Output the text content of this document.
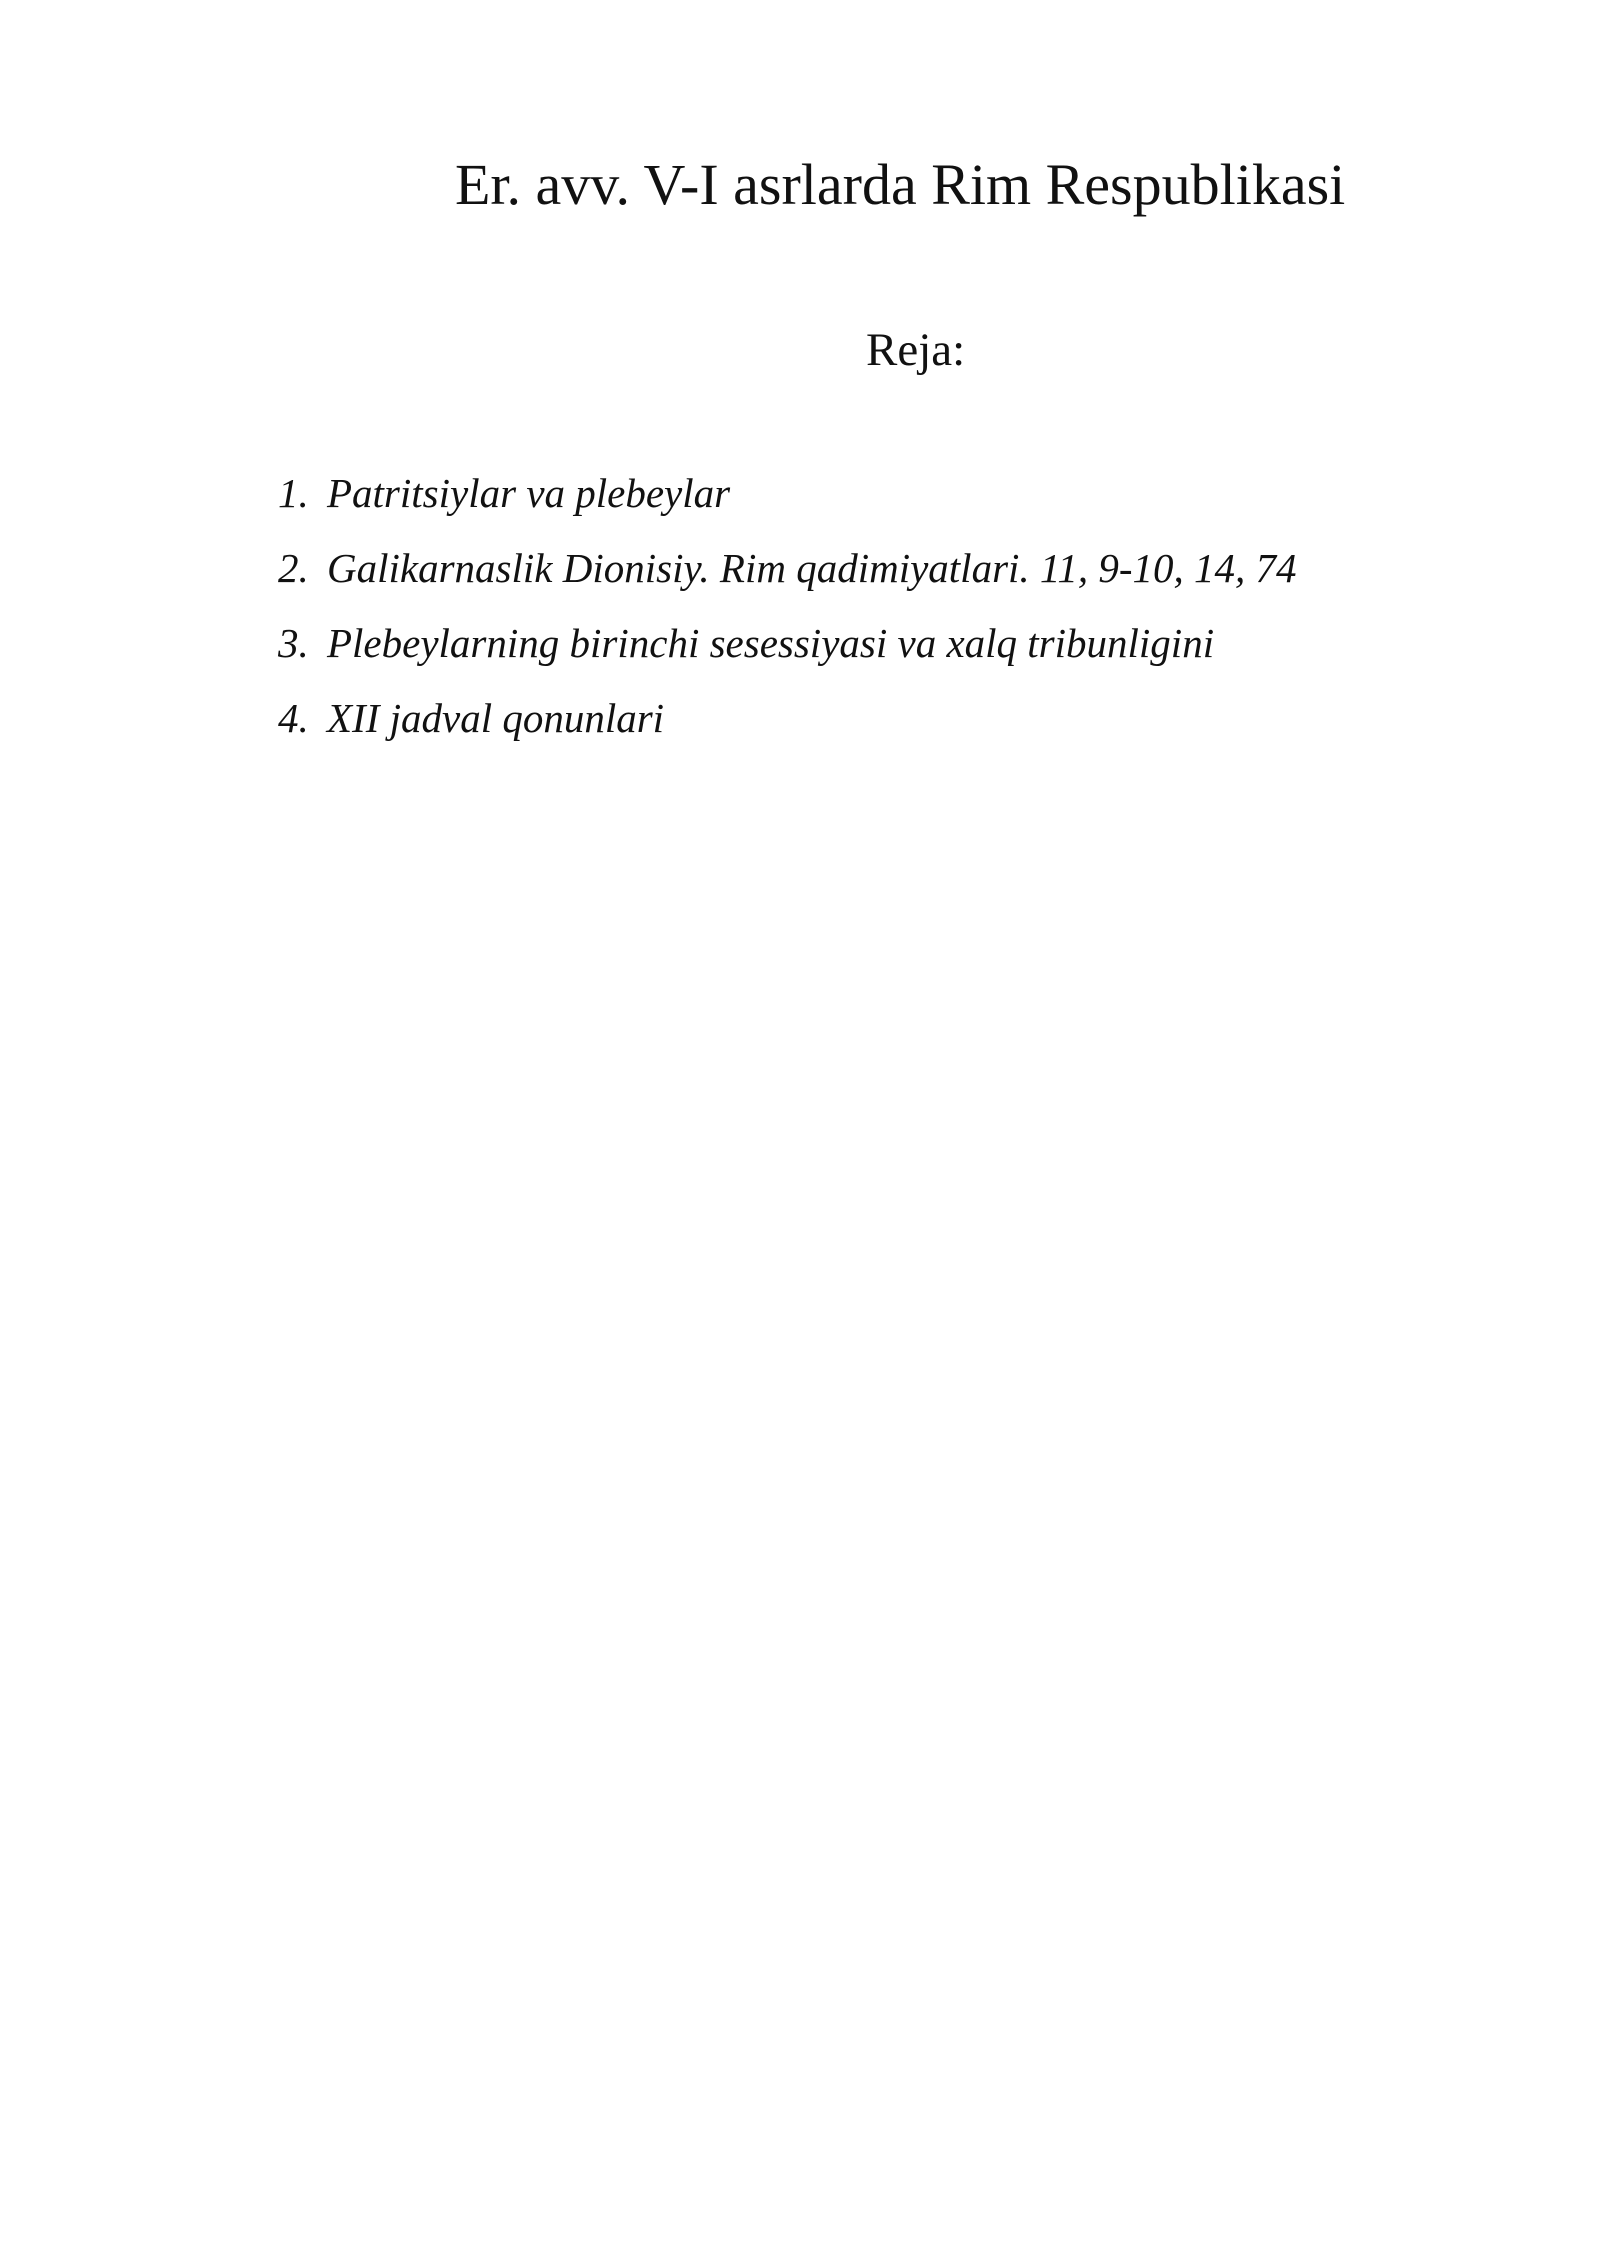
Er. avv. V-I asrlarda Rim Respublikasi
Reja:
1. Patritsiylar va plebeylar
2. Galikarnaslik Dionisiy. Rim qadimiyatlari. 11, 9-10, 14, 74
3. Plebeylarning birinchi sesessiyasi va xalq tribunligini
4. XII jadval qonunlari
